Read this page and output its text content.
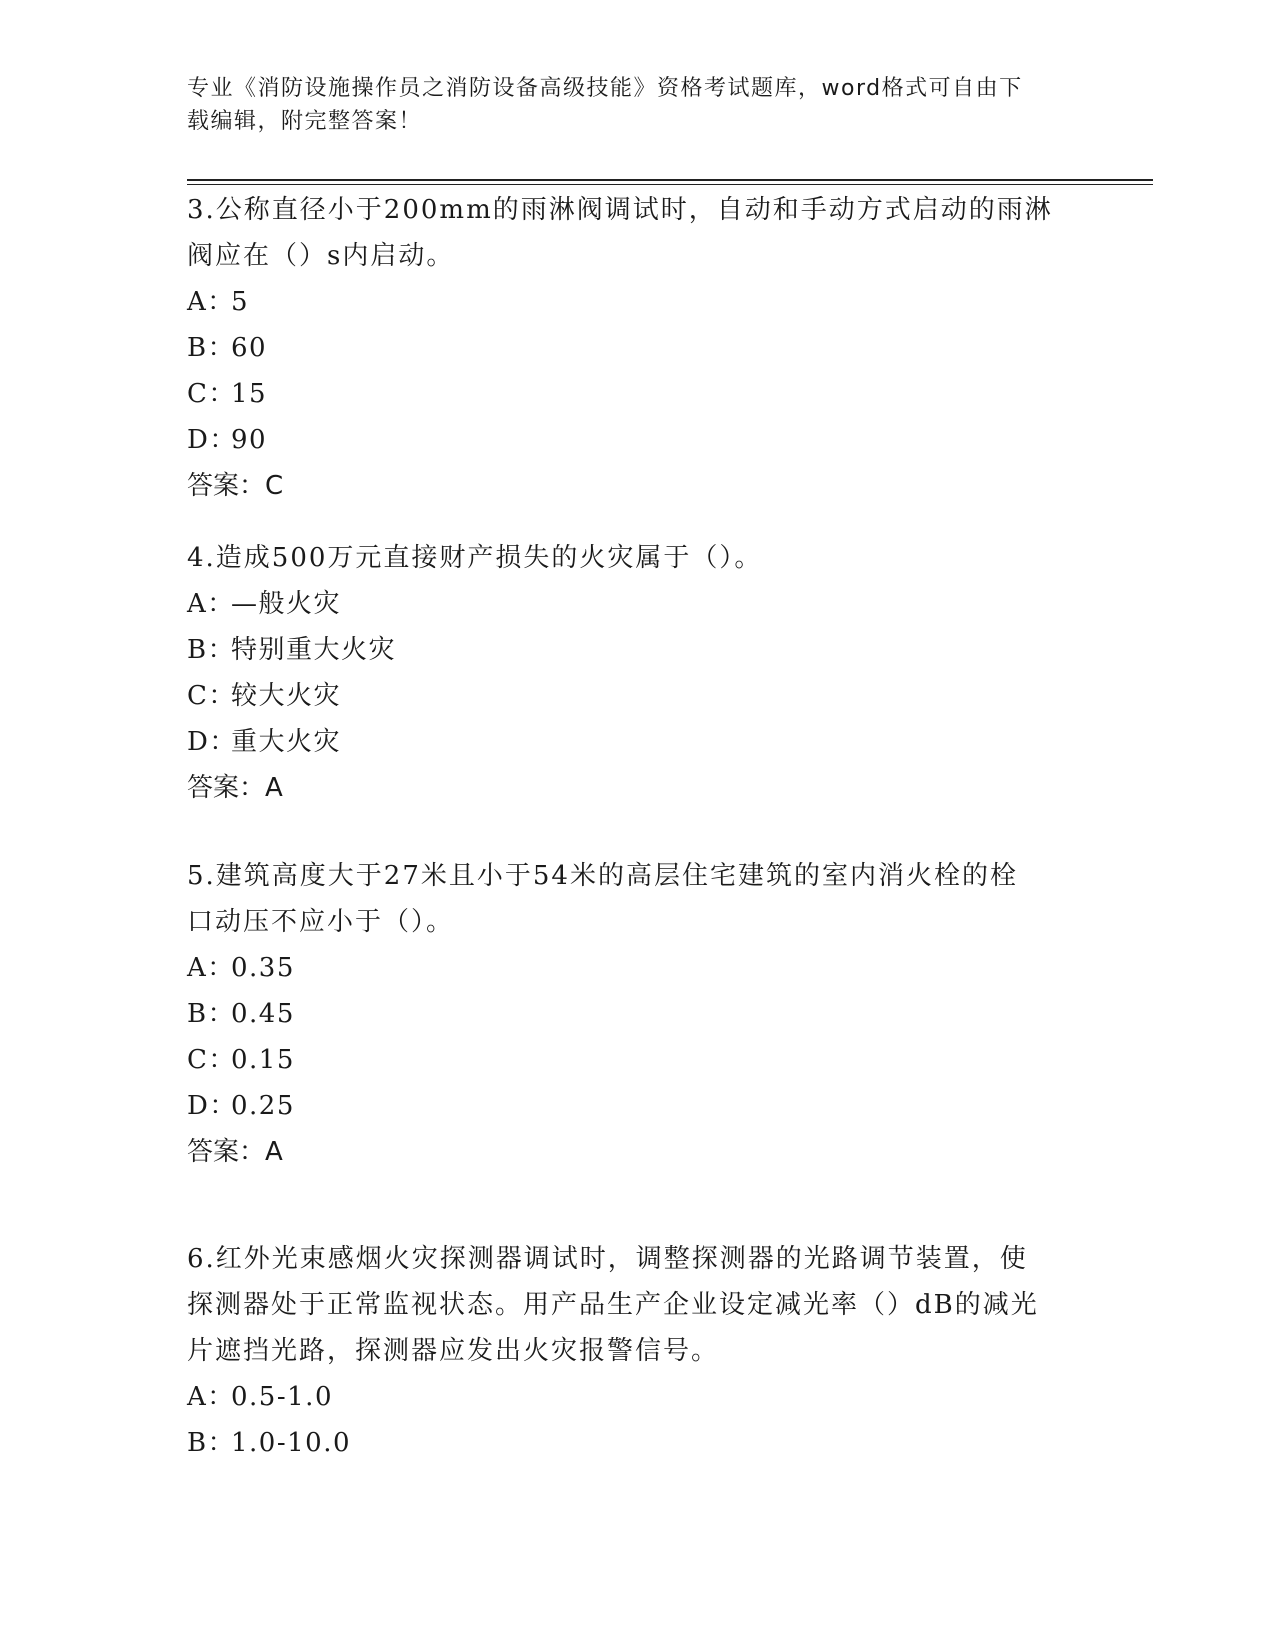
专业《消防设施操作员之消防设备高级技能》资格考试题库，word格式可自由下
载编辑，附完整答案！

3.公称直径小于200mm的雨淋阀调试时，自动和手动方式启动的雨淋

阀应在（）s内启动。

A：5

B：60

C：15

D：90

答案：C

4.造成500万元直接财产损失的火灾属于（）。

A：—般火灾

B：特别重大火灾

C：较大火灾

D：重大火灾

答案：A

5.建筑高度大于27米且小于54米的高层住宅建筑的室内消火栓的栓

口动压不应小于（）。

A：0.35

B：0.45

C：0.15

D：0.25

答案：A

6.红外光束感烟火灾探测器调试时，调整探测器的光路调节装置，使

探测器处于正常监视状态。用产品生产企业设定减光率（）dB的减光

片遮挡光路，探测器应发出火灾报警信号。

A：0.5-1.0

B：1.0-10.0
